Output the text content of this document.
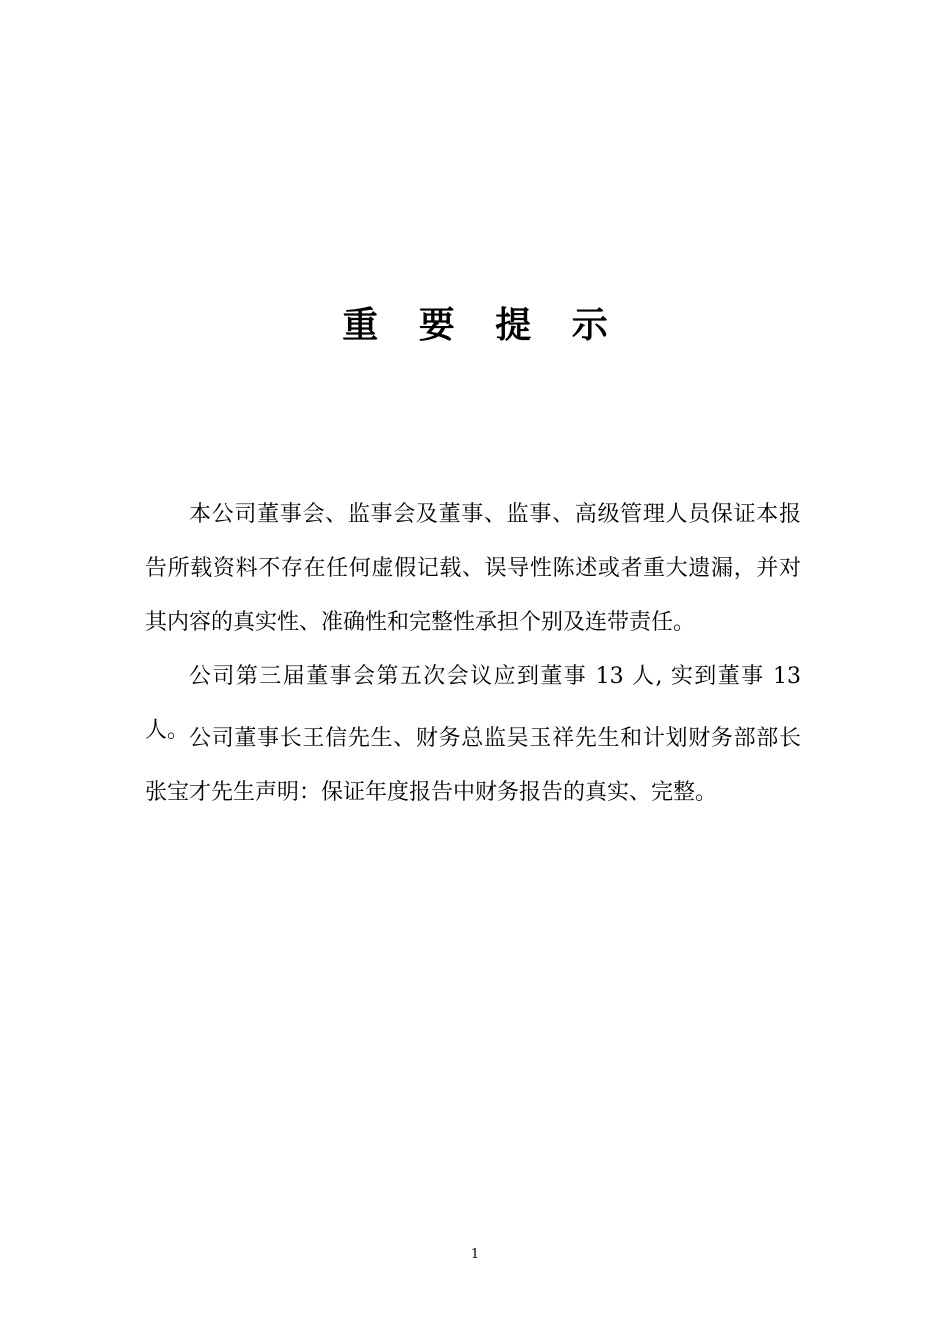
重 要 提 示

本公司董事会、监事会及董事、监事、高级管理人员保证本报告所载资料不存在任何虚假记载、误导性陈述或者重大遗漏，并对其内容的真实性、准确性和完整性承担个别及连带责任。

公司第三届董事会第五次会议应到董事 13 人, 实到董事 13 人。 公司董事长王信先生、财务总监吴玉祥先生和计划财务部部长张宝才先生声明：保证年度报告中财务报告的真实、完整。

1
